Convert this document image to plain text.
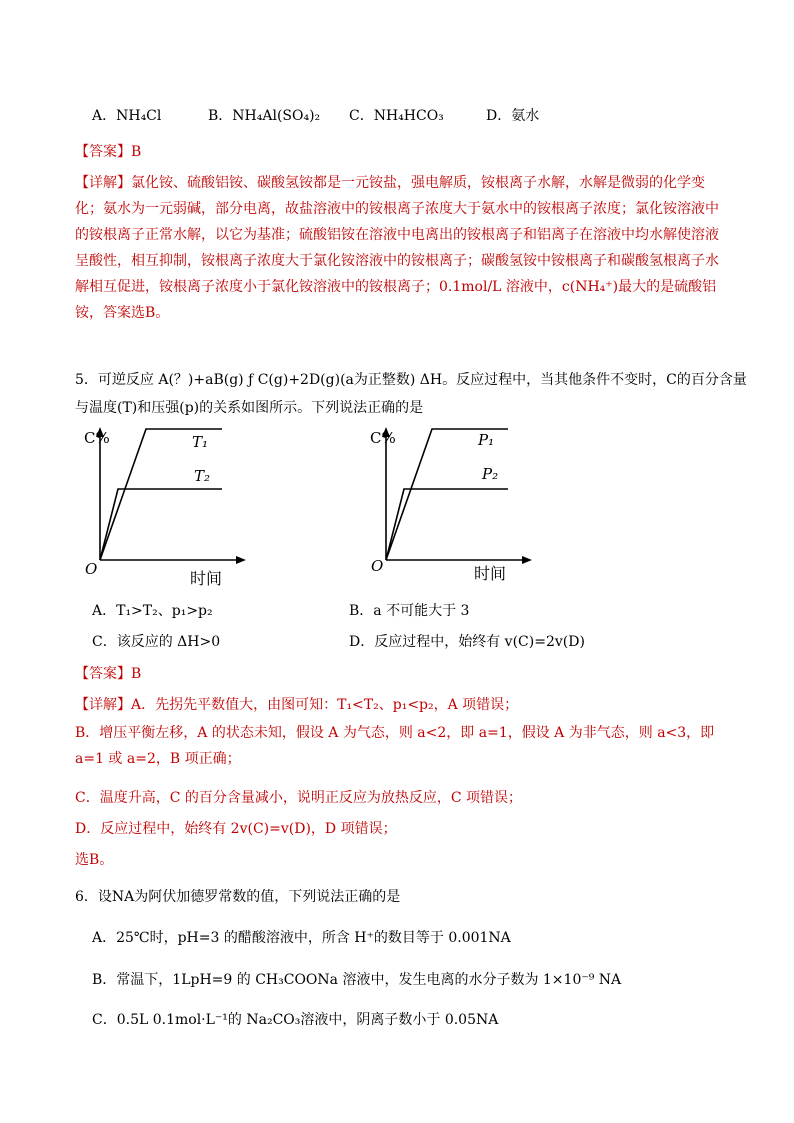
A．NH₄Cl	B．NH₄Al(SO₄)₂ C．NH₄HCO₃	D．氨水
【答案】B
【详解】氯化铵、硫酸铝铵、碳酸氢铵都是一元铵盐，强电解质，铵根离子水解，水解是微弱的化学变化；氨水为一元弱碱，部分电离，故盐溶液中的铵根离子浓度大于氨水中的铵根离子浓度；氯化铵溶液中的铵根离子正常水解，以它为基准；硫酸铝铵在溶液中电离出的铵根离子和铝离子在溶液中均水解使溶液呈酸性，相互抑制，铵根离子浓度大于氯化铵溶液中的铵根离子；碳酸氢铵中铵根离子和碳酸氢根离子水解相互促进，铵根离子浓度小于氯化铵溶液中的铵根离子；0.1mol/L 溶液中，c(NH₄⁺)最大的是硫酸铝铵，答案选B。
5．可逆反应 A(？)+aB(g) ƒ C(g)+2D(g)(a为正整数) ΔH。反应过程中，当其他条件不变时，C的百分含量
与温度(T)和压强(p)的关系如图所示。下列说法正确的是
C%	T₁
T₂
O	时间
C%	P₁
P₂
O	时间
A．T₁>T₂、p₁>p₂	B．a 不可能大于 3
C．该反应的 ΔH>0	D．反应过程中，始终有 v(C)=2v(D)
【答案】B
【详解】A．先拐先平数值大，由图可知：T₁<T₂、p₁<p₂，A 项错误；
B．增压平衡左移，A 的状态未知，假设 A 为气态，则 a<2，即 a=1，假设 A 为非气态，则 a<3，即 a=1 或 a=2，B 项正确；
C．温度升高，C 的百分含量减小，说明正反应为放热反应，C 项错误；
D．反应过程中，始终有 2v(C)=v(D)，D 项错误；
选B。
6．设NA为阿伏加德罗常数的值，下列说法正确的是
A．25℃时，pH=3 的醋酸溶液中，所含 H⁺的数目等于 0.001NA
B．常温下，1LpH=9 的 CH₃COONa 溶液中，发生电离的水分子数为 1×10⁻⁹ NA
C．0.5L 0.1mol·L⁻¹的 Na₂CO₃溶液中，阴离子数小于 0.05NA
